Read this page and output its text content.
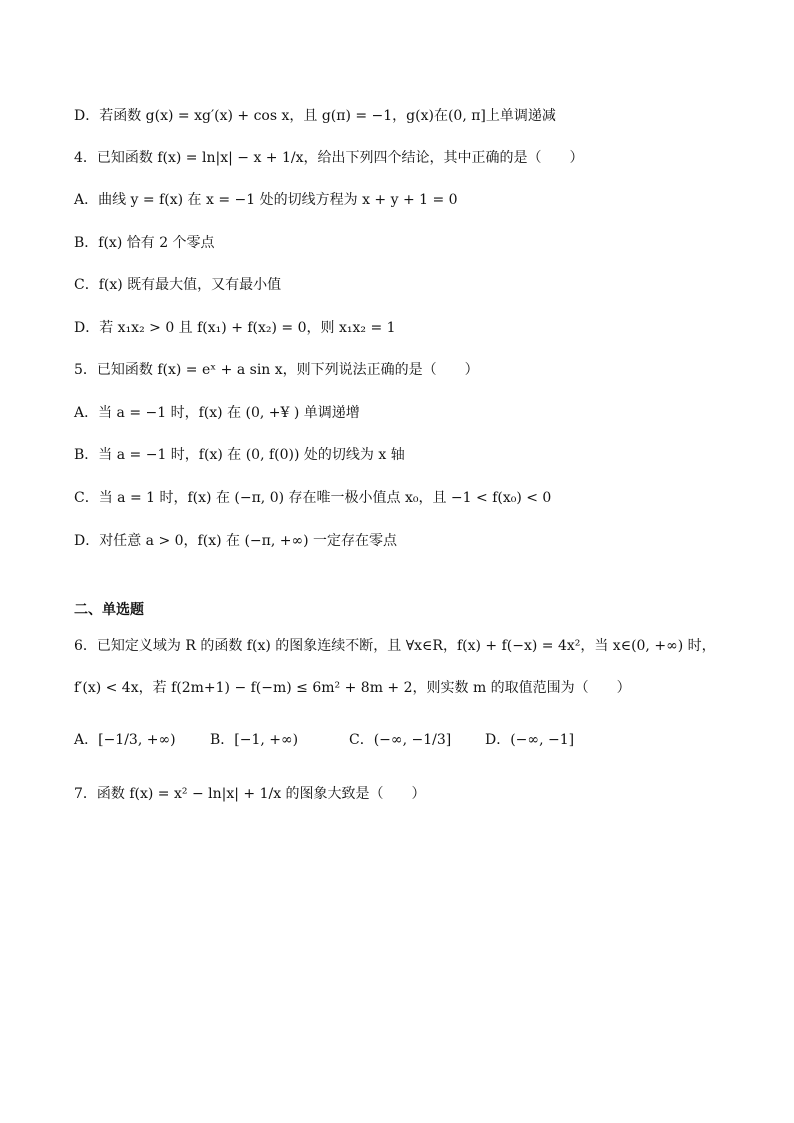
D．若函数 g(x) = xg′(x) + cos x，且 g(π) = −1，g(x)在(0, π]上单调递减
4．已知函数 f(x) = ln|x| − x + 1/x，给出下列四个结论，其中正确的是（　　）
A．曲线 y = f(x) 在 x = −1 处的切线方程为 x + y + 1 = 0
B．f(x) 恰有 2 个零点
C．f(x) 既有最大值，又有最小值
D．若 x₁x₂ > 0 且 f(x₁) + f(x₂) = 0，则 x₁x₂ = 1
5．已知函数 f(x) = eˣ + a sin x，则下列说法正确的是（　　）
A．当 a = −1 时，f(x) 在 (0, +¥ ) 单调递增
B．当 a = −1 时，f(x) 在 (0, f(0)) 处的切线为 x 轴
C．当 a = 1 时，f(x) 在 (−π, 0) 存在唯一极小值点 x₀，且 −1 < f(x₀) < 0
D．对任意 a > 0，f(x) 在 (−π, +∞) 一定存在零点
二、单选题
6．已知定义域为 R 的函数 f(x) 的图象连续不断，且 ∀x∈R，f(x) + f(−x) = 4x²，当 x∈(0, +∞) 时，
f′(x) < 4x，若 f(2m+1) − f(−m) ≤ 6m² + 8m + 2，则实数 m 的取值范围为（　　）
A．[−1/3, +∞) B．[−1, +∞)	C．(−∞, −1/3] D．(−∞, −1]
7．函数 f(x) = x² − ln|x| + 1/x 的图象大致是（　　）
